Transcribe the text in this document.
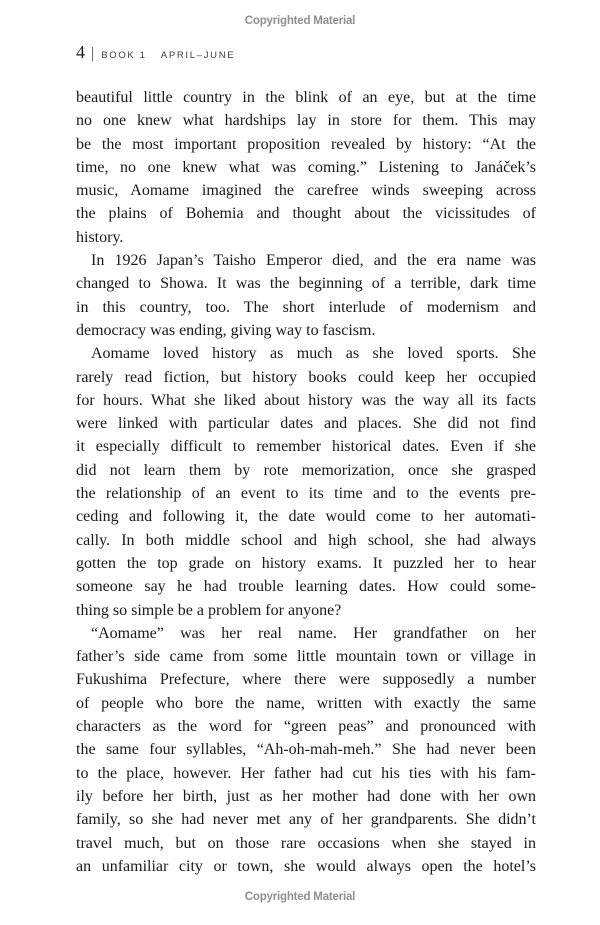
Copyrighted Material
4 | BOOK 1 APRIL–JUNE
beautiful little country in the blink of an eye, but at the time
no one knew what hardships lay in store for them. This may
be the most important proposition revealed by history: “At the
time, no one knew what was coming.” Listening to Janáček’s
music, Aomame imagined the carefree winds sweeping across
the plains of Bohemia and thought about the vicissitudes of
history.
In 1926 Japan’s Taisho Emperor died, and the era name was
changed to Showa. It was the beginning of a terrible, dark time
in this country, too. The short interlude of modernism and
democracy was ending, giving way to fascism.
Aomame loved history as much as she loved sports. She
rarely read fiction, but history books could keep her occupied
for hours. What she liked about history was the way all its facts
were linked with particular dates and places. She did not find
it especially difficult to remember historical dates. Even if she
did not learn them by rote memorization, once she grasped
the relationship of an event to its time and to the events pre-
ceding and following it, the date would come to her automati-
cally. In both middle school and high school, she had always
gotten the top grade on history exams. It puzzled her to hear
someone say he had trouble learning dates. How could some-
thing so simple be a problem for anyone?
“Aomame” was her real name. Her grandfather on her
father’s side came from some little mountain town or village in
Fukushima Prefecture, where there were supposedly a number
of people who bore the name, written with exactly the same
characters as the word for “green peas” and pronounced with
the same four syllables, “Ah-oh-mah-meh.” She had never been
to the place, however. Her father had cut his ties with his fam-
ily before her birth, just as her mother had done with her own
family, so she had never met any of her grandparents. She didn’t
travel much, but on those rare occasions when she stayed in
an unfamiliar city or town, she would always open the hotel’s
Copyrighted Material
